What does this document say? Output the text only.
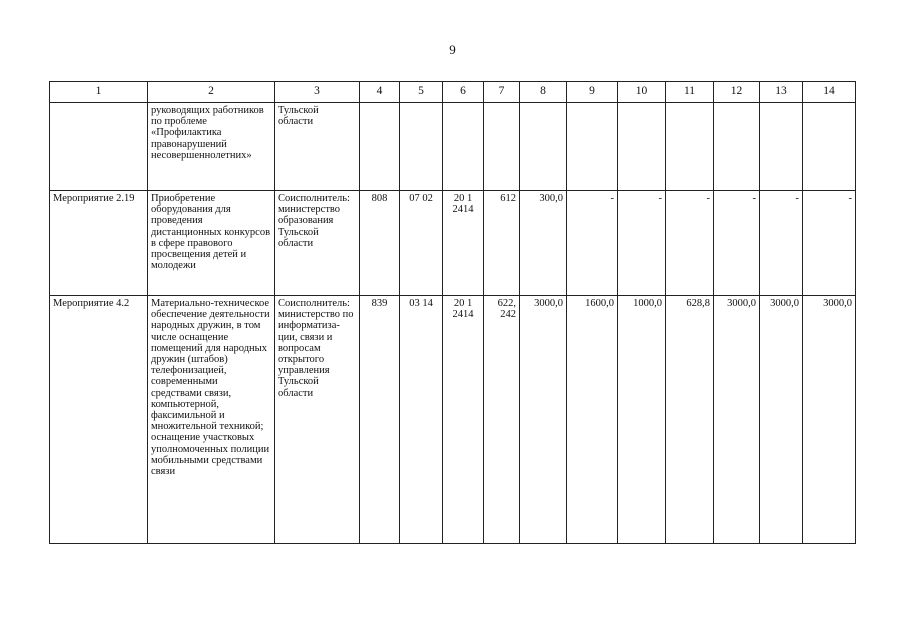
9
1	2	3	4	5	6	7	8	9	10	11	12	13	14
	руководящих работников по проблеме «Профилактика правонарушений несовершеннолетних»	Тульской области											
Мероприятие 2.19	Приобретение оборудования для проведения дистанционных конкурсов в сфере правового просвещения детей и молодежи	Соисполнитель: министерство образования Тульской области	808	07 02	20 1 2414	612	300,0	-	-	-	-	-	-
Мероприятие 4.2	Материально-техническое обеспечение деятельности народных дружин, в том числе оснащение помещений для народных дружин (штабов) телефонизацией, современными средствами связи, компьютерной, факсимильной и множительной техникой; оснащение участковых уполномоченных полиции мобильными средствами связи	Соисполнитель: министерство по информатиза-ции, связи и вопросам открытого управления Тульской области	839	03 14	20 1 2414	622, 242	3000,0	1600,0	1000,0	628,8	3000,0	3000,0	3000,0
